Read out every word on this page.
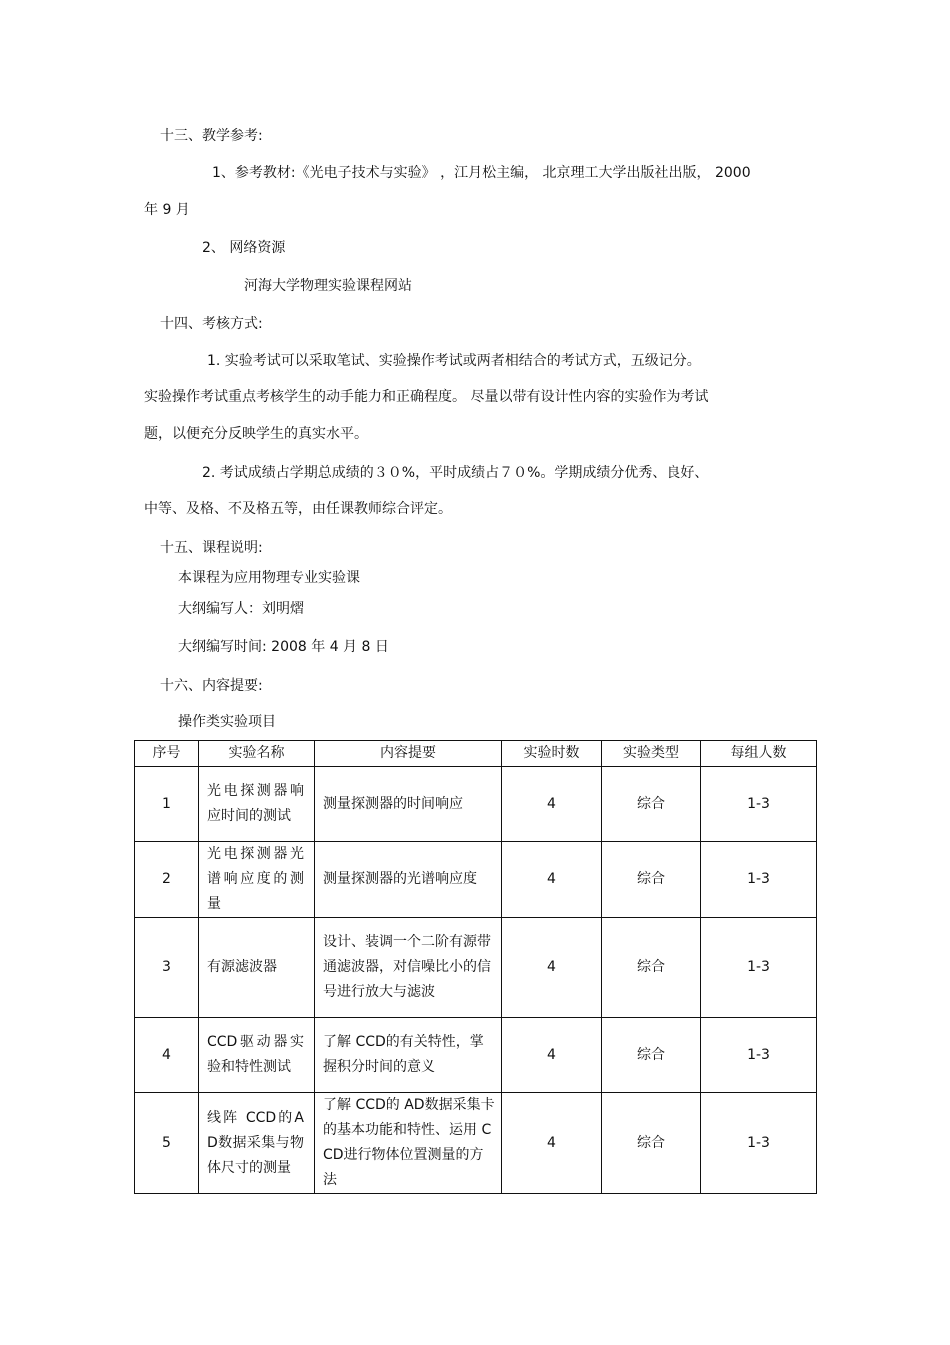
十三、教学参考:
1、参考教材:《光电子技术与实验》 ，江月松主编， 北京理工大学出版社出版， 2000
年 9 月
2、 网络资源
河海大学物理实验课程网站
十四、考核方式:
1. 实验考试可以采取笔试、实验操作考试或两者相结合的考试方式，五级记分。
实验操作考试重点考核学生的动手能力和正确程度。 尽量以带有设计性内容的实验作为考试
题，以便充分反映学生的真实水平。
2. 考试成绩占学期总成绩的３０%，平时成绩占７０%。学期成绩分优秀、良好、
中等、及格、不及格五等，由任课教师综合评定。
十五、课程说明:
本课程为应用物理专业实验课
大纲编写人：刘明熠
大纲编写时间: 2008 年 4 月 8 日
十六、内容提要:
操作类实验项目
序号	实验名称	内容提要	实验时数	实验类型	每组人数
1	光电探测器响应时间的测试	测量探测器的时间响应	4	综合	1-3
2	光电探测器光谱响应度的测量	测量探测器的光谱响应度	4	综合	1-3
3	有源滤波器	设计、装调一个二阶有源带通滤波器，对信噪比小的信号进行放大与滤波	4	综合	1-3
4	CCD驱动器实验和特性测试	了解 CCD的有关特性，掌握积分时间的意义	4	综合	1-3
5	线阵 CCD的AD数据采集与物体尺寸的测量	了解 CCD的 AD数据采集卡的基本功能和特性、运用 CCD进行物体位置测量的方法	4	综合	1-3
